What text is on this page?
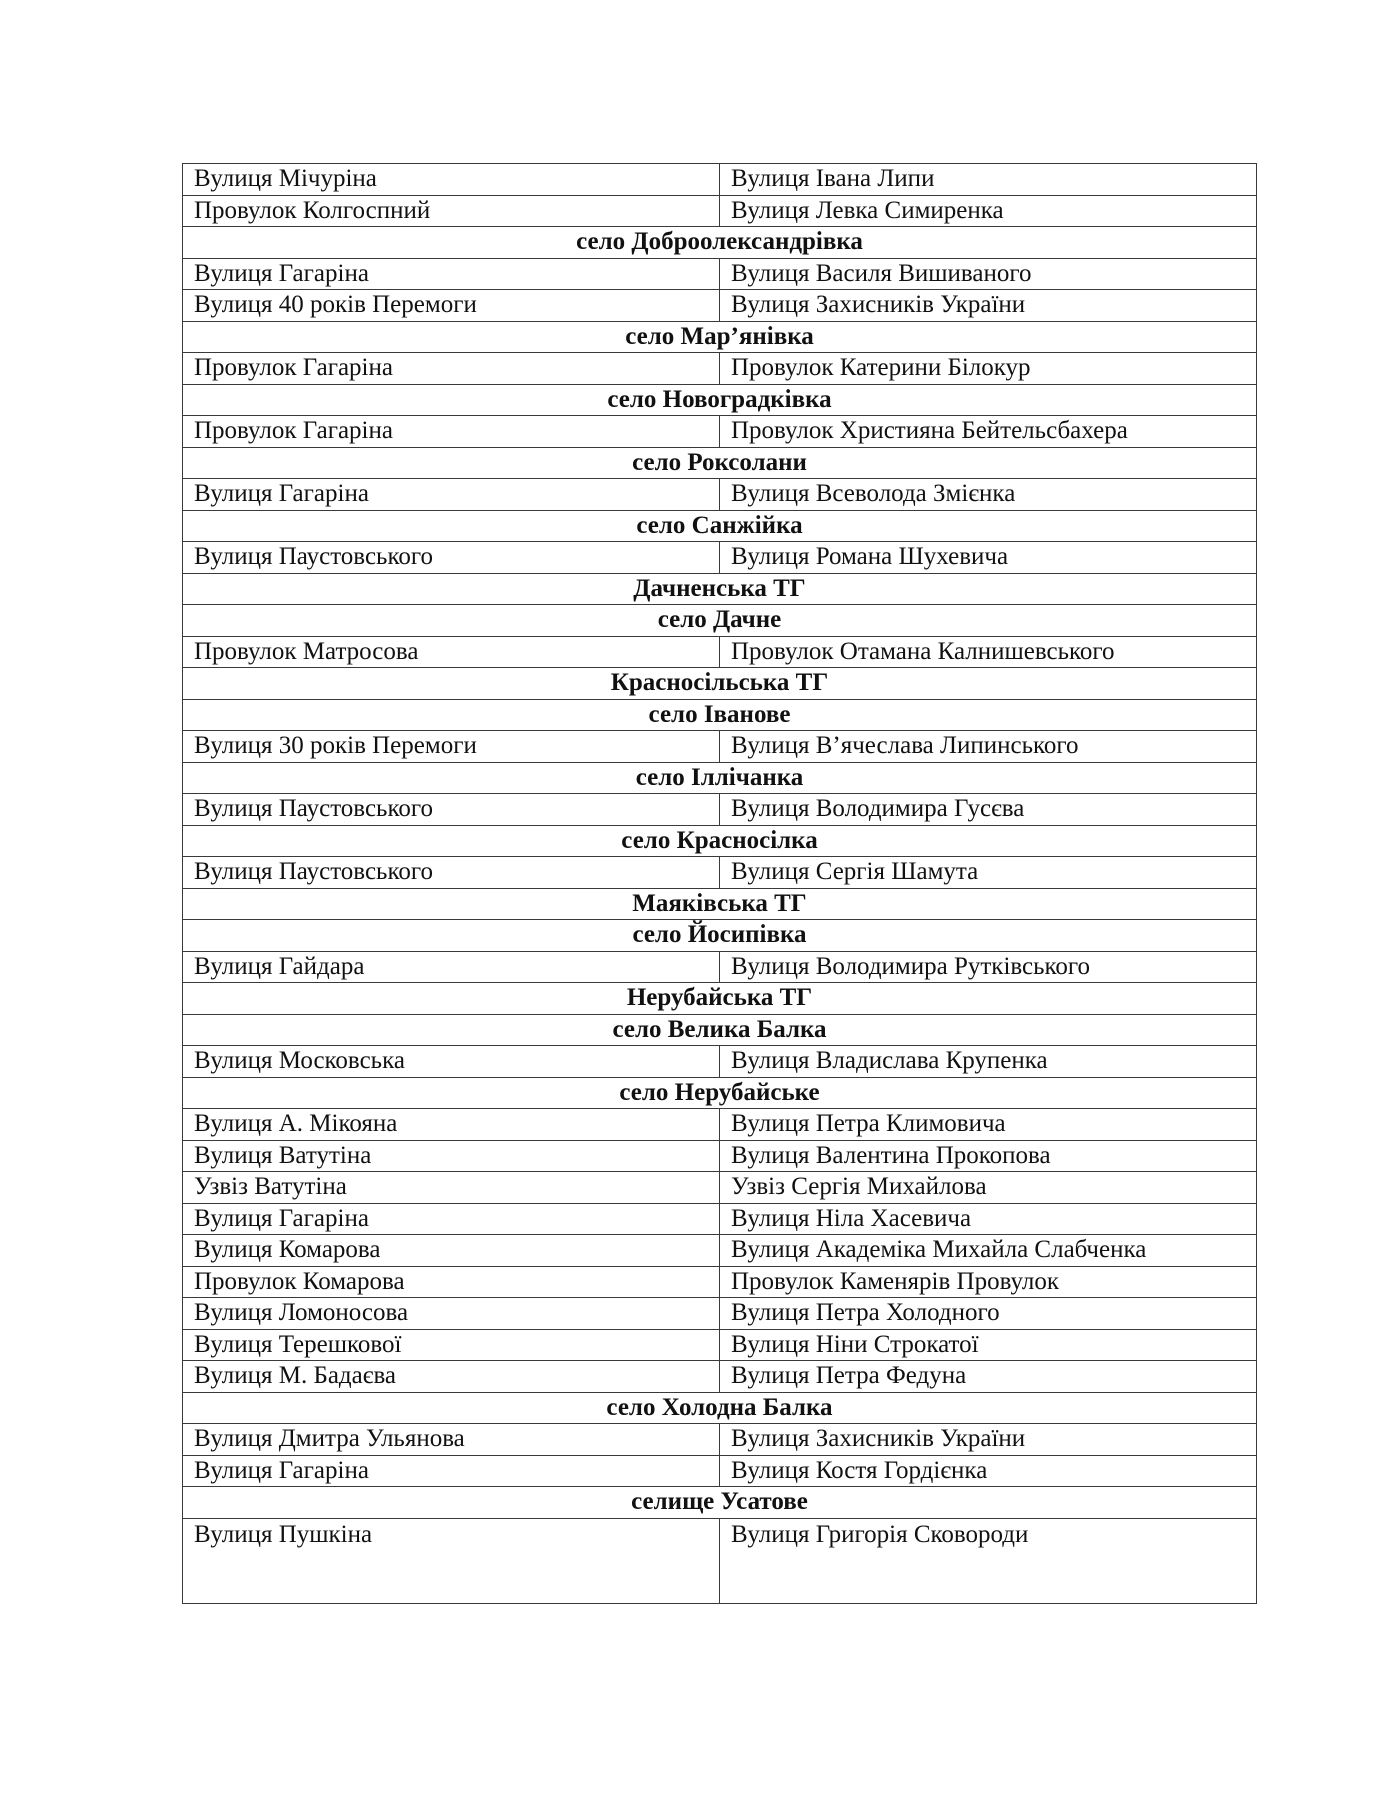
Вулиця Мічуріна	Вулиця Івана Липи
Провулок Колгоспний	Вулиця Левка Симиренка
село Доброолександрівка	
Вулиця Гагаріна	Вулиця Василя Вишиваного
Вулиця 40 років Перемоги	Вулиця Захисників України
село Мар’янівка	
Провулок Гагаріна	Провулок Катерини Білокур
село Новоградківка	
Провулок Гагаріна	Провулок Християна Бейтельсбахера
село Роксолани	
Вулиця Гагаріна	Вулиця Всеволода Змієнка
село Санжійка	
Вулиця Паустовського	Вулиця Романа Шухевича
Дачненська ТГ	
село Дачне	
Провулок Матросова	Провулок Отамана Калнишевського
Красносільська ТГ	
село Іванове	
Вулиця 30 років Перемоги	Вулиця В’ячеслава Липинського
село Іллічанка	
Вулиця Паустовського	Вулиця Володимира Гусєва
село Красносілка	
Вулиця Паустовського	Вулиця Сергія Шамута
Маяківська ТГ	
село Йосипівка	
Вулиця Гайдара	Вулиця Володимира Рутківського
Нерубайська ТГ	
село Велика Балка	
Вулиця Московська	Вулиця Владислава Крупенка
село Нерубайське	
Вулиця А. Мікояна	Вулиця Петра Климовича
Вулиця Ватутіна	Вулиця Валентина Прокопова
Узвіз Ватутіна	Узвіз Сергія Михайлова
Вулиця Гагаріна	Вулиця Ніла Хасевича
Вулиця Комарова	Вулиця Академіка Михайла Слабченка
Провулок Комарова	Провулок Каменярів Провулок
Вулиця Ломоносова	Вулиця Петра Холодного
Вулиця Терешкової	Вулиця Ніни Строкатої
Вулиця М. Бадаєва	Вулиця Петра Федуна
село Холодна Балка	
Вулиця Дмитра Ульянова	Вулиця Захисників України
Вулиця Гагаріна	Вулиця Костя Гордієнка
селище Усатове	
Вулиця Пушкіна	Вулиця Григорія Сковороди
